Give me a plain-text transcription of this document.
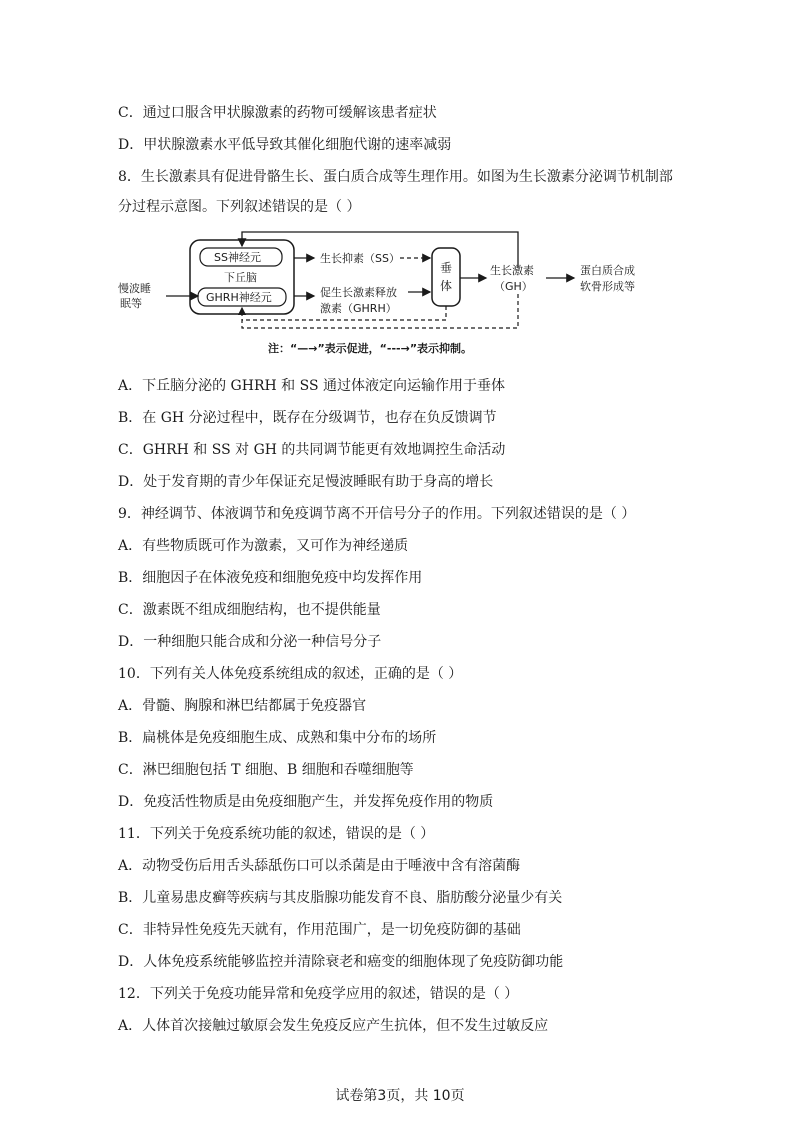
C．通过口服含甲状腺激素的药物可缓解该患者症状
D．甲状腺激素水平低导致其催化细胞代谢的速率减弱
8．生长激素具有促进骨骼生长、蛋白质合成等生理作用。如图为生长激素分泌调节机制部
分过程示意图。下列叙述错误的是（ ）
慢波睡
眠等
SS神经元
下丘脑
GHRH神经元
生长抑素（SS）
促生长激素释放
激素（GHRH）
垂
体
生长激素
（GH）
蛋白质合成
软骨形成等
注：“—→”表示促进，“---→”表示抑制。
A．下丘脑分泌的 GHRH 和 SS 通过体液定向运输作用于垂体
B．在 GH 分泌过程中，既存在分级调节，也存在负反馈调节
C．GHRH 和 SS 对 GH 的共同调节能更有效地调控生命活动
D．处于发育期的青少年保证充足慢波睡眠有助于身高的增长
9．神经调节、体液调节和免疫调节离不开信号分子的作用。下列叙述错误的是（ ）
A．有些物质既可作为激素，又可作为神经递质
B．细胞因子在体液免疫和细胞免疫中均发挥作用
C．激素既不组成细胞结构，也不提供能量
D．一种细胞只能合成和分泌一种信号分子
10．下列有关人体免疫系统组成的叙述，正确的是（ ）
A．骨髓、胸腺和淋巴结都属于免疫器官
B．扁桃体是免疫细胞生成、成熟和集中分布的场所
C．淋巴细胞包括 T 细胞、B 细胞和吞噬细胞等
D．免疫活性物质是由免疫细胞产生，并发挥免疫作用的物质
11．下列关于免疫系统功能的叙述，错误的是（ ）
A．动物受伤后用舌头舔舐伤口可以杀菌是由于唾液中含有溶菌酶
B．儿童易患皮癣等疾病与其皮脂腺功能发育不良、脂肪酸分泌量少有关
C．非特异性免疫先天就有，作用范围广，是一切免疫防御的基础
D．人体免疫系统能够监控并清除衰老和癌变的细胞体现了免疫防御功能
12．下列关于免疫功能异常和免疫学应用的叙述，错误的是（ ）
A．人体首次接触过敏原会发生免疫反应产生抗体，但不发生过敏反应
试卷第3页，共 10页
